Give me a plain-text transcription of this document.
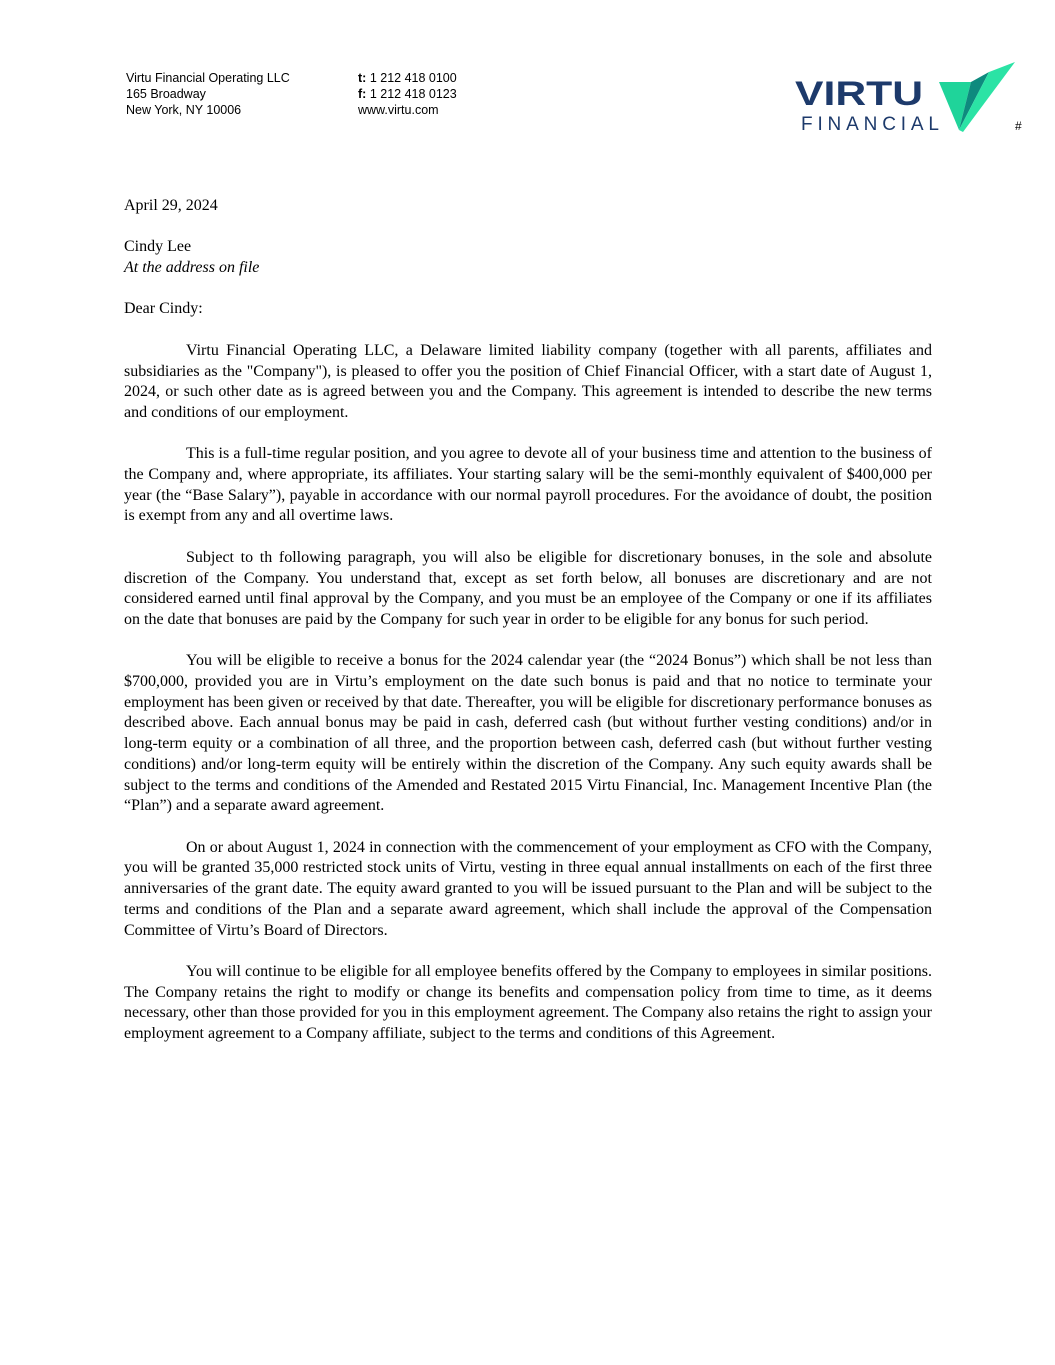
Virtu Financial Operating LLC
165 Broadway
New York, NY 10006
t: 1 212 418 0100
f: 1 212 418 0123
www.virtu.com	VIRTU
FINANCIAL	#

April 29, 2024

Cindy Lee

At the address on file

Dear Cindy:

Virtu Financial Operating LLC, a Delaware limited liability company (together with all parents, affiliates and subsidiaries as the "Company"), is pleased to offer you the position of Chief Financial Officer, with a start date of August 1, 2024, or such other date as is agreed between you and the Company. This agreement is intended to describe the new terms and conditions of our employment.

This is a full-time regular position, and you agree to devote all of your business time and attention to the business of the Company and, where appropriate, its affiliates. Your starting salary will be the semi-monthly equivalent of $400,000 per year (the “Base Salary”), payable in accordance with our normal payroll procedures. For the avoidance of doubt, the position is exempt from any and all overtime laws.

Subject to th following paragraph, you will also be eligible for discretionary bonuses, in the sole and absolute discretion of the Company. You understand that, except as set forth below, all bonuses are discretionary and are not considered earned until final approval by the Company, and you must be an employee of the Company or one if its affiliates on the date that bonuses are paid by the Company for such year in order to be eligible for any bonus for such period.

You will be eligible to receive a bonus for the 2024 calendar year (the “2024 Bonus”) which shall be not less than $700,000, provided you are in Virtu’s employment on the date such bonus is paid and that no notice to terminate your employment has been given or received by that date. Thereafter, you will be eligible for discretionary performance bonuses as described above. Each annual bonus may be paid in cash, deferred cash (but without further vesting conditions) and/or in long-term equity or a combination of all three, and the proportion between cash, deferred cash (but without further vesting conditions) and/or long-term equity will be entirely within the discretion of the Company. Any such equity awards shall be subject to the terms and conditions of the Amended and Restated 2015 Virtu Financial, Inc. Management Incentive Plan (the “Plan”) and a separate award agreement.

On or about August 1, 2024 in connection with the commencement of your employment as CFO with the Company, you will be granted 35,000 restricted stock units of Virtu, vesting in three equal annual installments on each of the first three anniversaries of the grant date. The equity award granted to you will be issued pursuant to the Plan and will be subject to the terms and conditions of the Plan and a separate award agreement, which shall include the approval of the Compensation Committee of Virtu’s Board of Directors.

You will continue to be eligible for all employee benefits offered by the Company to employees in similar positions. The Company retains the right to modify or change its benefits and compensation policy from time to time, as it deems necessary, other than those provided for you in this employment agreement. The Company also retains the right to assign your employment agreement to a Company affiliate, subject to the terms and conditions of this Agreement.
